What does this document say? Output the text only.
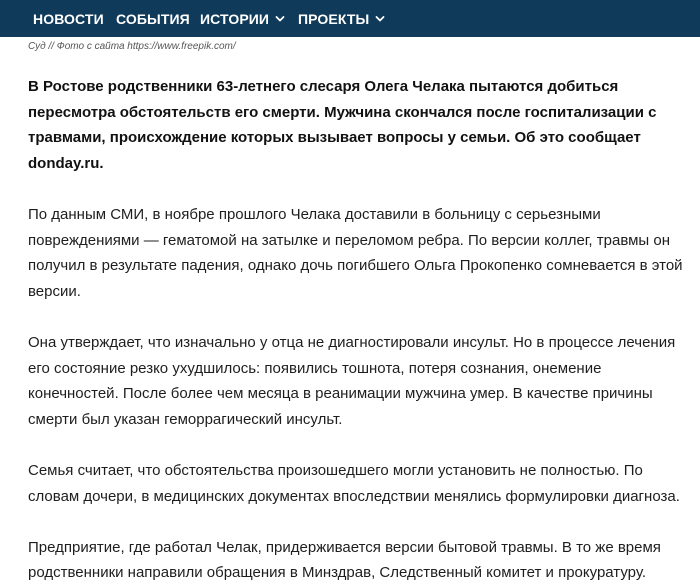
НОВОСТИ СОБЫТИЯ ИСТОРИИ ПРОЕКТЫ
Суд // Фото с сайта https://www.freepik.com/

В Ростове родственники 63-летнего слесаря Олега Челака пытаются добиться пересмотра обстоятельств его смерти. Мужчина скончался после госпитализации с травмами, происхождение которых вызывает вопросы у семьи. Об это сообщает donday.ru.

По данным СМИ, в ноябре прошлого Челака доставили в больницу с серьезными повреждениями — гематомой на затылке и переломом ребра. По версии коллег, травмы он получил в результате падения, однако дочь погибшего Ольга Прокопенко сомневается в этой версии.

Она утверждает, что изначально у отца не диагностировали инсульт. Но в процессе лечения его состояние резко ухудшилось: появились тошнота, потеря сознания, онемение конечностей. После более чем месяца в реанимации мужчина умер. В качестве причины смерти был указан геморрагический инсульт.

Семья считает, что обстоятельства произошедшего могли установить не полностью. По словам дочери, в медицинских документах впоследствии менялись формулировки диагноза.

Предприятие, где работал Челак, придерживается версии бытовой травмы. В то же время родственники направили обращения в Минздрав, Следственный комитет и прокуратуру.
